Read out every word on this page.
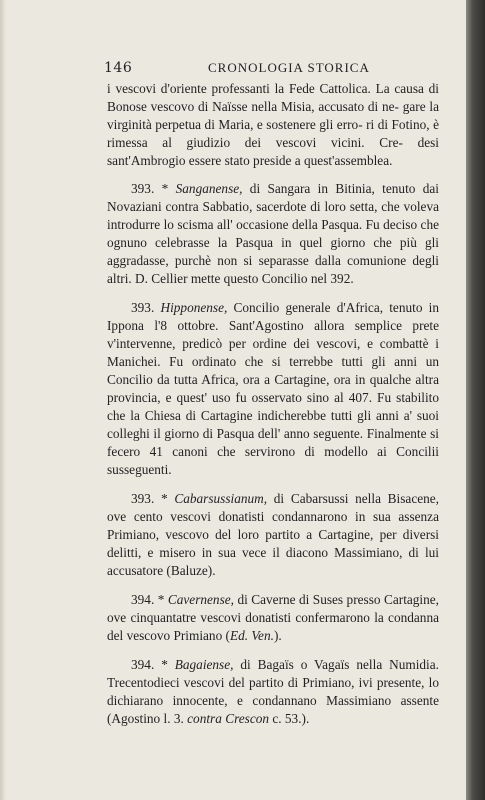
146	CRONOLOGIA STORICA

i vescovi d'oriente professanti la Fede Cattolica. La causa di Bonose vescovo di Naïsse nella Misia, accusato di ne- gare la virginità perpetua di Maria, e sostenere gli erro- ri di Fotino, è rimessa al giudizio dei vescovi vicini. Cre- desi sant'Ambrogio essere stato preside a quest'assemblea.

393. * Sanganense, di Sangara in Bitinia, tenuto dai Novaziani contra Sabbatio, sacerdote di loro setta, che voleva introdurre lo scisma all' occasione della Pasqua. Fu deciso che ognuno celebrasse la Pasqua in quel giorno che più gli aggradasse, purchè non si separasse dalla comunione degli altri. D. Cellier mette questo Concilio nel 392.

393. Hipponense, Concilio generale d'Africa, tenuto in Ippona l'8 ottobre. Sant'Agostino allora semplice prete v'intervenne, predicò per ordine dei vescovi, e combattè i Manichei. Fu ordinato che si terrebbe tutti gli anni un Concilio da tutta Africa, ora a Cartagine, ora in qualche altra provincia, e quest' uso fu osservato sino al 407. Fu stabilito che la Chiesa di Cartagine indicherebbe tutti gli anni a' suoi colleghi il giorno di Pasqua dell' anno seguente. Finalmente si fecero 41 canoni che servirono di modello ai Concilii susseguenti.

393. * Cabarsussianum, di Cabarsussi nella Bisacene, ove cento vescovi donatisti condannarono in sua assenza Primiano, vescovo del loro partito a Cartagine, per diversi delitti, e misero in sua vece il diacono Massimiano, di lui accusatore (Baluze).

394. * Cavernense, di Caverne di Suses presso Cartagine, ove cinquantatre vescovi donatisti confermarono la condanna del vescovo Primiano (Ed. Ven.).

394. * Bagaiense, di Bagaïs o Vagaïs nella Numidia. Trecentodieci vescovi del partito di Primiano, ivi presente, lo dichiarano innocente, e condannano Massimiano assente (Agostino l. 3. contra Crescon c. 53.).
